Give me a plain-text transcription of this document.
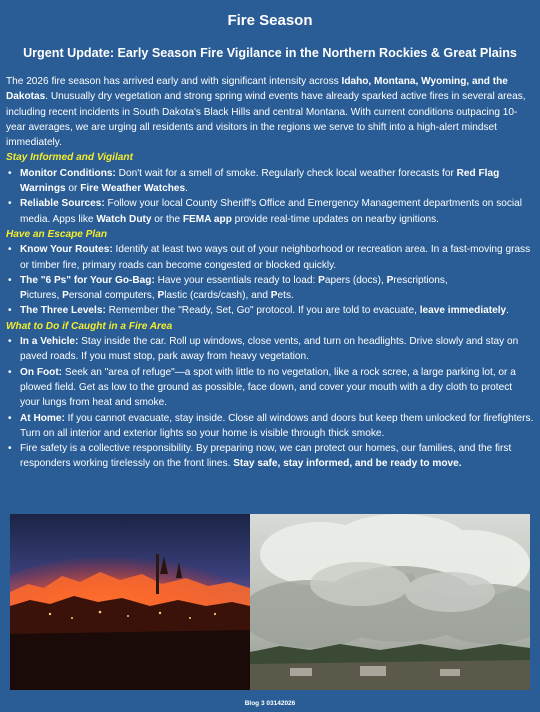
Fire Season
Urgent Update: Early Season Fire Vigilance in the Northern Rockies & Great Plains

The 2026 fire season has arrived early and with significant intensity across Idaho, Montana, Wyoming, and the Dakotas. Unusually dry vegetation and strong spring wind events have already sparked active fires in several areas, including recent incidents in South Dakota's Black Hills and central Montana. With current conditions outpacing 10-year averages, we are urging all residents and visitors in the regions we serve to shift into a high-alert mindset immediately.

Stay Informed and Vigilant
• Monitor Conditions: Don't wait for a smell of smoke. Regularly check local weather forecasts for Red Flag Warnings or Fire Weather Watches.
• Reliable Sources: Follow your local County Sheriff's Office and Emergency Management departments on social media. Apps like Watch Duty or the FEMA app provide real-time updates on nearby ignitions.
Have an Escape Plan
• Know Your Routes: Identify at least two ways out of your neighborhood or recreation area. In a fast-moving grass or timber fire, primary roads can become congested or blocked quickly.
• The "6 Ps" for Your Go-Bag: Have your essentials ready to load: Papers (docs), Prescriptions,
Pictures, Personal computers, Plastic (cards/cash), and Pets.
• The Three Levels: Remember the "Ready, Set, Go" protocol. If you are told to evacuate, leave immediately.
What to Do if Caught in a Fire Area
• In a Vehicle: Stay inside the car. Roll up windows, close vents, and turn on headlights. Drive slowly and stay on paved roads. If you must stop, park away from heavy vegetation.
• On Foot: Seek an "area of refuge"—a spot with little to no vegetation, like a rock scree, a large parking lot, or a plowed field. Get as low to the ground as possible, face down, and cover your mouth with a dry cloth to protect your lungs from heat and smoke.
• At Home: If you cannot evacuate, stay inside. Close all windows and doors but keep them unlocked for firefighters. Turn on all interior and exterior lights so your home is visible through thick smoke.
• Fire safety is a collective responsibility. By preparing now, we can protect our homes, our families, and the first responders working tirelessly on the front lines. Stay safe, stay informed, and be ready to move.
Blog 3 03142026
